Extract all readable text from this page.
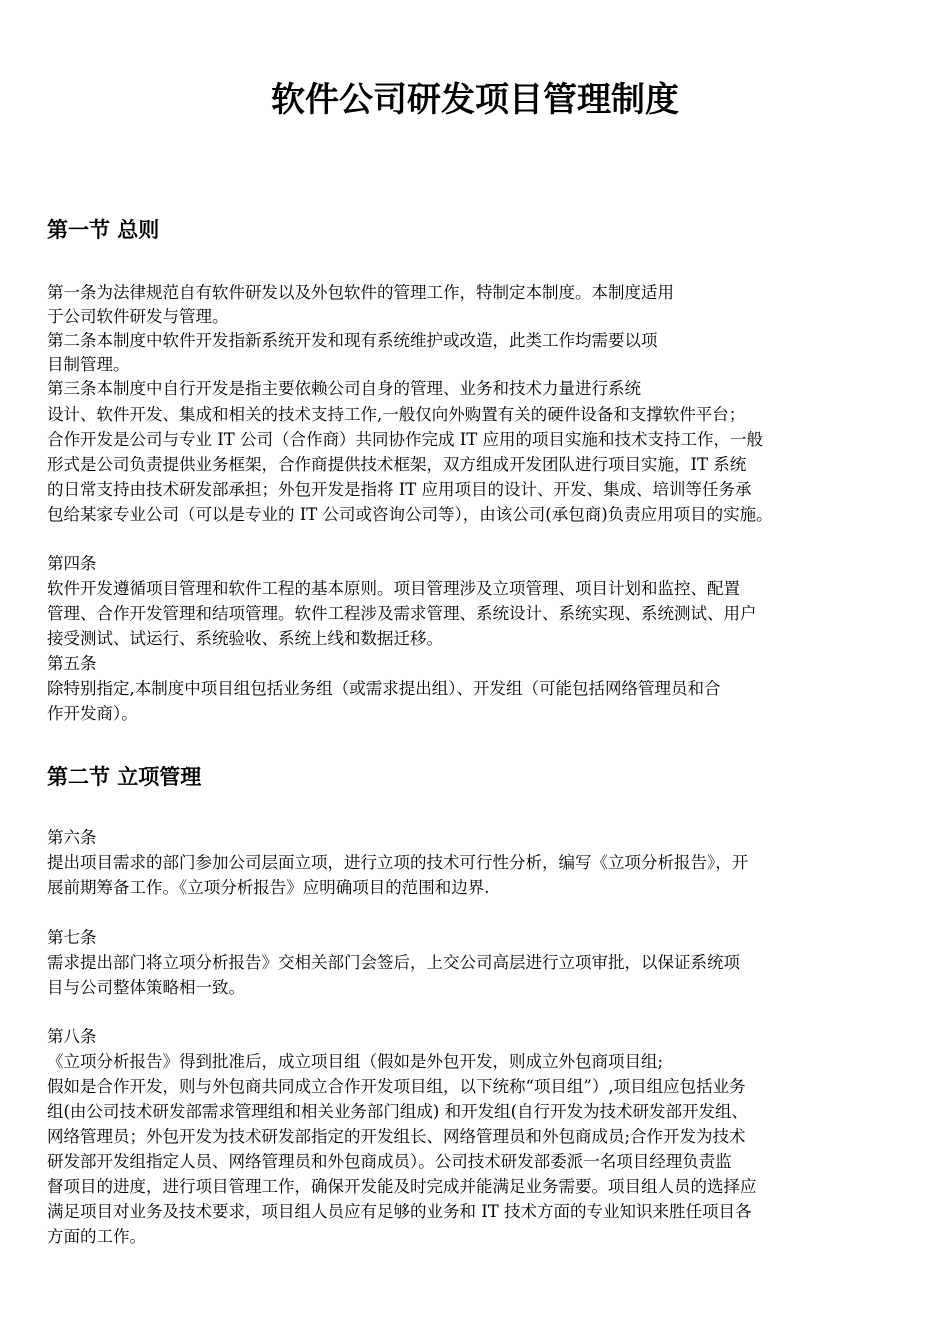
软件公司研发项目管理制度
第一节 总则
第一条为法律规范自有软件研发以及外包软件的管理工作，特制定本制度。本制度适用
于公司软件研发与管理。
第二条本制度中软件开发指新系统开发和现有系统维护或改造，此类工作均需要以项
目制管理。
第三条本制度中自行开发是指主要依赖公司自身的管理、业务和技术力量进行系统
设计、软件开发、集成和相关的技术支持工作,一般仅向外购置有关的硬件设备和支撑软件平台；
合作开发是公司与专业 IT 公司（合作商）共同协作完成 IT 应用的项目实施和技术支持工作，一般
形式是公司负责提供业务框架，合作商提供技术框架，双方组成开发团队进行项目实施，IT 系统
的日常支持由技术研发部承担；外包开发是指将 IT 应用项目的设计、开发、集成、培训等任务承
包给某家专业公司（可以是专业的 IT 公司或咨询公司等），由该公司(承包商)负责应用项目的实施。
第四条
软件开发遵循项目管理和软件工程的基本原则。项目管理涉及立项管理、项目计划和监控、配置
管理、合作开发管理和结项管理。软件工程涉及需求管理、系统设计、系统实现、系统测试、用户
接受测试、试运行、系统验收、系统上线和数据迁移。
第五条
除特别指定,本制度中项目组包括业务组（或需求提出组）、开发组（可能包括网络管理员和合
作开发商）。
第二节 立项管理
第六条
提出项目需求的部门参加公司层面立项，进行立项的技术可行性分析，编写《立项分析报告》，开
展前期筹备工作。《立项分析报告》应明确项目的范围和边界.
第七条
需求提出部门将立项分析报告》交相关部门会签后，上交公司高层进行立项审批，以保证系统项
目与公司整体策略相一致。
第八条
《立项分析报告》得到批准后，成立项目组（假如是外包开发，则成立外包商项目组;
假如是合作开发，则与外包商共同成立合作开发项目组，以下统称“项目组”）,项目组应包括业务
组(由公司技术研发部需求管理组和相关业务部门组成) 和开发组(自行开发为技术研发部开发组、
网络管理员；外包开发为技术研发部指定的开发组长、网络管理员和外包商成员;合作开发为技术
研发部开发组指定人员、网络管理员和外包商成员）。公司技术研发部委派一名项目经理负责监
督项目的进度，进行项目管理工作，确保开发能及时完成并能满足业务需要。项目组人员的选择应
满足项目对业务及技术要求，项目组人员应有足够的业务和 IT 技术方面的专业知识来胜任项目各
方面的工作。
